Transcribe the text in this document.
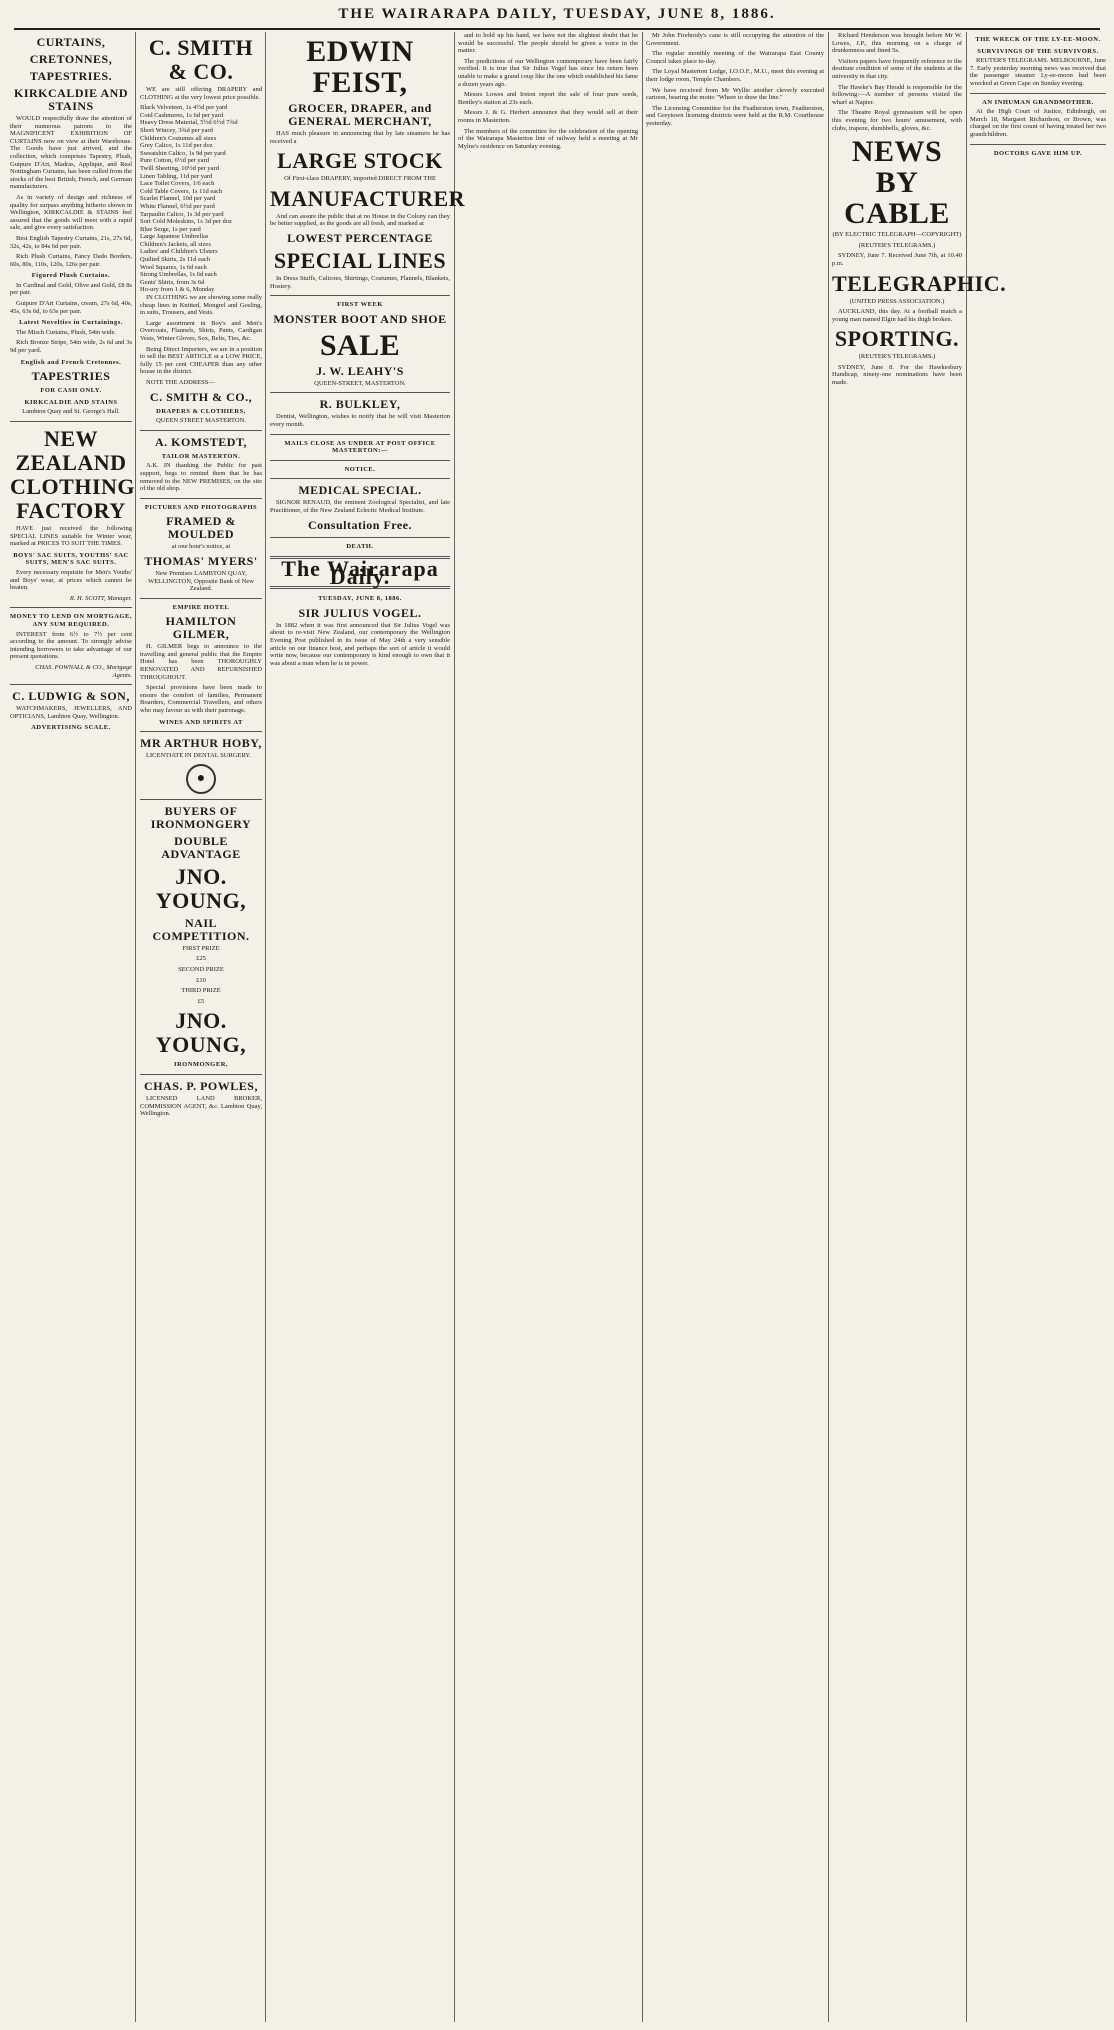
THE WAIRARAPA DAILY, TUESDAY, JUNE 8, 1886.
CURTAINS,
CRETONNES,
TAPESTRIES.
KIRKCALDIE AND STAINS

WOULD respectfully draw the attention of their numerous patrons to the MAGNIFICENT EXHIBITION OF CURTAINS now on view at their Warehouse. The Goods have just arrived, and the collection, which comprises Tapestry, Plush, Guipure D'Art, Madras, Applique, and Real Nottingham Curtains, has been culled from the stocks of the best British, French, and German manufacturers.

As in variety of design and richness of quality for surpass anything hitherto shown in Wellington, KIRKCALDIE & STAINS feel assured that the goods will meet with a rapid sale, and give every satisfaction.

Best English Tapestry Curtains, 21s, 27s 6d, 32s, 42s, to 84s 6d per pair.

Rich Plush Curtains, Fancy Dado Borders, 60s, 80s, 110s, 120s, 126s per pair.

Figured Plush Curtains.

In Cardinal and Gold, Olive and Gold, £8 8s per pair.

Guipure D'Art Curtains, cream, 27s 6d, 40s, 45s, 63s 6d, to 63s per pair.

Latest Novelties in Curtainings.

The Misch Curtains, Plush, 54in wide.

Rich Bronze Stripe, 54in wide, 2s 6d and 3s 9d per yard.

English and French Cretonnes.
TAPESTRIES
FOR CASH ONLY.
KIRKCALDIE AND STAINS

Lambton Quay and St. George's Hall.

NEW ZEALAND CLOTHING FACTORY

HAVE just received the following SPECIAL LINES suitable for Winter wear, marked at PRICES TO SUIT THE TIMES.

BOYS' SAC SUITS, YOUTHS' SAC SUITS, MEN'S SAC SUITS.

Every necessary requisite for Men's Youths' and Boys' wear, at prices which cannot be beaten.

R. H. SCOTT, Manager.

MONEY TO LEND ON MORTGAGE, ANY SUM REQUIRED.

INTEREST from 6½ to 7½ per cent according to the amount. To strongly advise intending borrowers to take advantage of our present quotations.

CHAS. POWNALL & CO., Mortgage Agents.

C. LUDWIG & SON,

WATCHMAKERS, JEWELLERS, AND OPTICIANS, Lambton Quay, Wellington.

ADVERTISING SCALE.
C. SMITH & CO.

WE are still offering DRAPERY and CLOTHING at the very lowest price possible.

Black Velveteen, 1s 4½d per yard

Coid Cashmeres, 1s 6d per yard

Heavy Dress Material, 5½d 6½d 7¾d

Short Wincey, 3¾d per yard

Children's Costumes all sizes

Grey Calico, 1s 11d per doz

Sweatshin Calico, 1s 9d per yard

Pure Cotton, 6½d per yard

Twill Sheeting, 10½d per yard

Linen Tabling, 11d per yard

Lace Toilet Covers, 1/6 each

Cold Table Covers, 1s 11d each

Scarlet Flannel, 10d per yard

White Flannel, 6½d per yard

Tarpaulin Calico, 1s 3d per yard

Sort Cold Moleskins, 1s 3d per doz

Blue Serge, 1s per yard

Large Japanese Umbrellas

Children's Jackets, all sizes

Ladies' and Children's Ulsters

Quilted Skirts, 2s 11d each

Wool Squares, 1s 6d each

Strong Umbrellas, 1s 6d each

Gents' Shirts, from 3s 6d

Ho-ury from 1 & 6, Monday

IN CLOTHING we are showing some really cheap lines in Knitted, Mongrel and Gosling, in suits, Trousers, and Vests.

Large assortment in Boy's and Men's Overcoats, Flannels, Shirts, Pants, Cardigan Vests, Winter Gloves, Sox, Belts, Ties, &c.

Being Direct Importers, we are in a position to sell the BEST ARTICLE at a LOW PRICE, fully 15 per cent CHEAPER than any other house in the district.

NOTE THE ADDRESS—

C. SMITH & CO.,
DRAPERS & CLOTHIERS,

QUEEN STREET MASTERTON.

A. KOMSTEDT,
TAILOR MASTERTON.

A.K. IN thanking the Public for past support, begs to remind them that he has removed to the NEW PREMISES, on the site of the old shop.

PICTURES AND PHOTOGRAPHS
FRAMED & MOULDED

at one hour's notice, at

THOMAS' MYERS'

New Premises LAMBTON QUAY, WELLINGTON, Opposite Bank of New Zealand.

EMPIRE HOTEL
HAMILTON GILMER,

H. GILMER begs to announce to the travelling and general public that the Empire Hotel has been THOROUGHLY RENOVATED AND REFURNISHED THROUGHOUT.

Special provisions have been made to ensure the comfort of families, Permanent Boarders, Commercial Travellers, and others who may favour us with their patronage.

WINES AND SPIRITS AT
MR ARTHUR HOBY,

LICENTIATE IN DENTAL SURGERY.

●
BUYERS OF IRONMONGERY
DOUBLE ADVANTAGE
JNO. YOUNG,
NAIL COMPETITION.

FIRST PRIZE

£25

SECOND PRIZE

£10

THIRD PRIZE

£5

JNO. YOUNG,
IRONMONGER,
CHAS. P. POWLES,

LICENSED LAND BROKER, COMMISSION AGENT, &c. Lambton Quay, Wellington.

EDWIN FEIST,
GROCER, DRAPER, and GENERAL MERCHANT,

HAS much pleasure in announcing that by late steamers he has received a

LARGE STOCK

Of First-class DRAPERY, imported DIRECT FROM THE

MANUFACTURER

And can assure the public that at no House in the Colony can they be better supplied, as the goods are all fresh, and marked at

LOWEST PERCENTAGE
SPECIAL LINES

In Dress Stuffs, Calicoes, Shirtings, Costumes, Flannels, Blankets, Hosiery.

FIRST WEEK
MONSTER BOOT AND SHOE
SALE
J. W. LEAHY'S

QUEEN-STREET, MASTERTON.

R. BULKLEY,

Dentist, Wellington, wishes to notify that he will visit Masterton every month.

MAILS CLOSE AS UNDER AT POST OFFICE MASTERTON:—
NOTICE.
MEDICAL SPECIAL.

SIGNOR RENAUD, the eminent Zoological Specialist, and late Practitioner, of the New Zealand Eclectic Medical Institute.

Consultation Free.
DEATH.
The Wairarapa Daily.
TUESDAY, JUNE 8, 1886.
SIR JULIUS VOGEL.

In 1882 when it was first announced that Sir Julius Vogel was about to re-visit New Zealand, our contemporary the Wellington Evening Post published in its issue of May 24th a very sensible article on our finance host, and perhaps the sort of article it would write now, because our contemporary is kind enough to own that it was about a man when he is in power.

and to hold up his hand, we have not the slightest doubt that he would be successful. The people should be given a voice in the matter.

The predictions of our Wellington contemporary have been fairly verified. It is true that Sir Julius Vogel has since his return been unable to make a grand coup like the one which established his fame a dozen years ago.

Messrs Lowes and Ireton report the sale of four pure seeds, Bentley's station at 23s each.

Messrs J. & G. Herbert announce that they would sell at their rooms in Masterton.

The members of the committee for the celebration of the opening of the Wairarapa Masterton line of railway held a meeting at Mr Mylne's residence on Saturday evening.

Mr John Firebrody's cane is still occupying the attention of the Government.

The regular monthly meeting of the Wairarapa East County Council takes place to-day.

The Loyal Masterton Lodge, I.O.O.F., M.U., meet this evening at their lodge room, Temple Chambers.

We have received from Mr Wyllie another cleverly executed cartoon, bearing the motto "Where to draw the line."

The Licensing Committee for the Featherston town, Featherston, and Greytown licensing districts were held at the R.M. Courthouse yesterday.

Richard Henderson was brought before Mr W. Lowes, J.P., this morning on a charge of drunkenness and fined 5s.

Visitors papers have frequently reference to the destitute condition of some of the students at the university in that city.

The Hawke's Bay Herald is responsible for the following:—A number of persons visited the wharf at Napier.

The Theatre Royal gymnasium will be open this evening for two hours' amusement, with clubs, trapeze, dumbbells, gloves, &c.

NEWS BY CABLE

(BY ELECTRIC TELEGRAPH—COPYRIGHT)

(REUTER'S TELEGRAMS.)

SYDNEY, June 7. Received June 7th, at 10.40 p.m.

TELEGRAPHIC.

(UNITED PRESS ASSOCIATION.)

AUCKLAND, this day. At a football match a young man named Elgin had his thigh broken.

SPORTING.

(REUTER'S TELEGRAMS.)

SYDNEY, June 8. For the Hawkesbury Handicap, ninety-one nominations have been made.

THE WRECK OF THE LY-EE-MOON.
SURVIVINGS OF THE SURVIVORS.

REUTER'S TELEGRAMS. MELBOURNE, June 7. Early yesterday morning news was received that the passenger steamer Ly-ee-moon had been wrecked at Green Cape on Sunday evening.

AN INHUMAN GRANDMOTHER.

At the High Court of Justice, Edinburgh, on March 18, Margaret Richardson, or Brown, was charged on the first count of having treated her two grandchildren.

DOCTORS GAVE HIM UP.
